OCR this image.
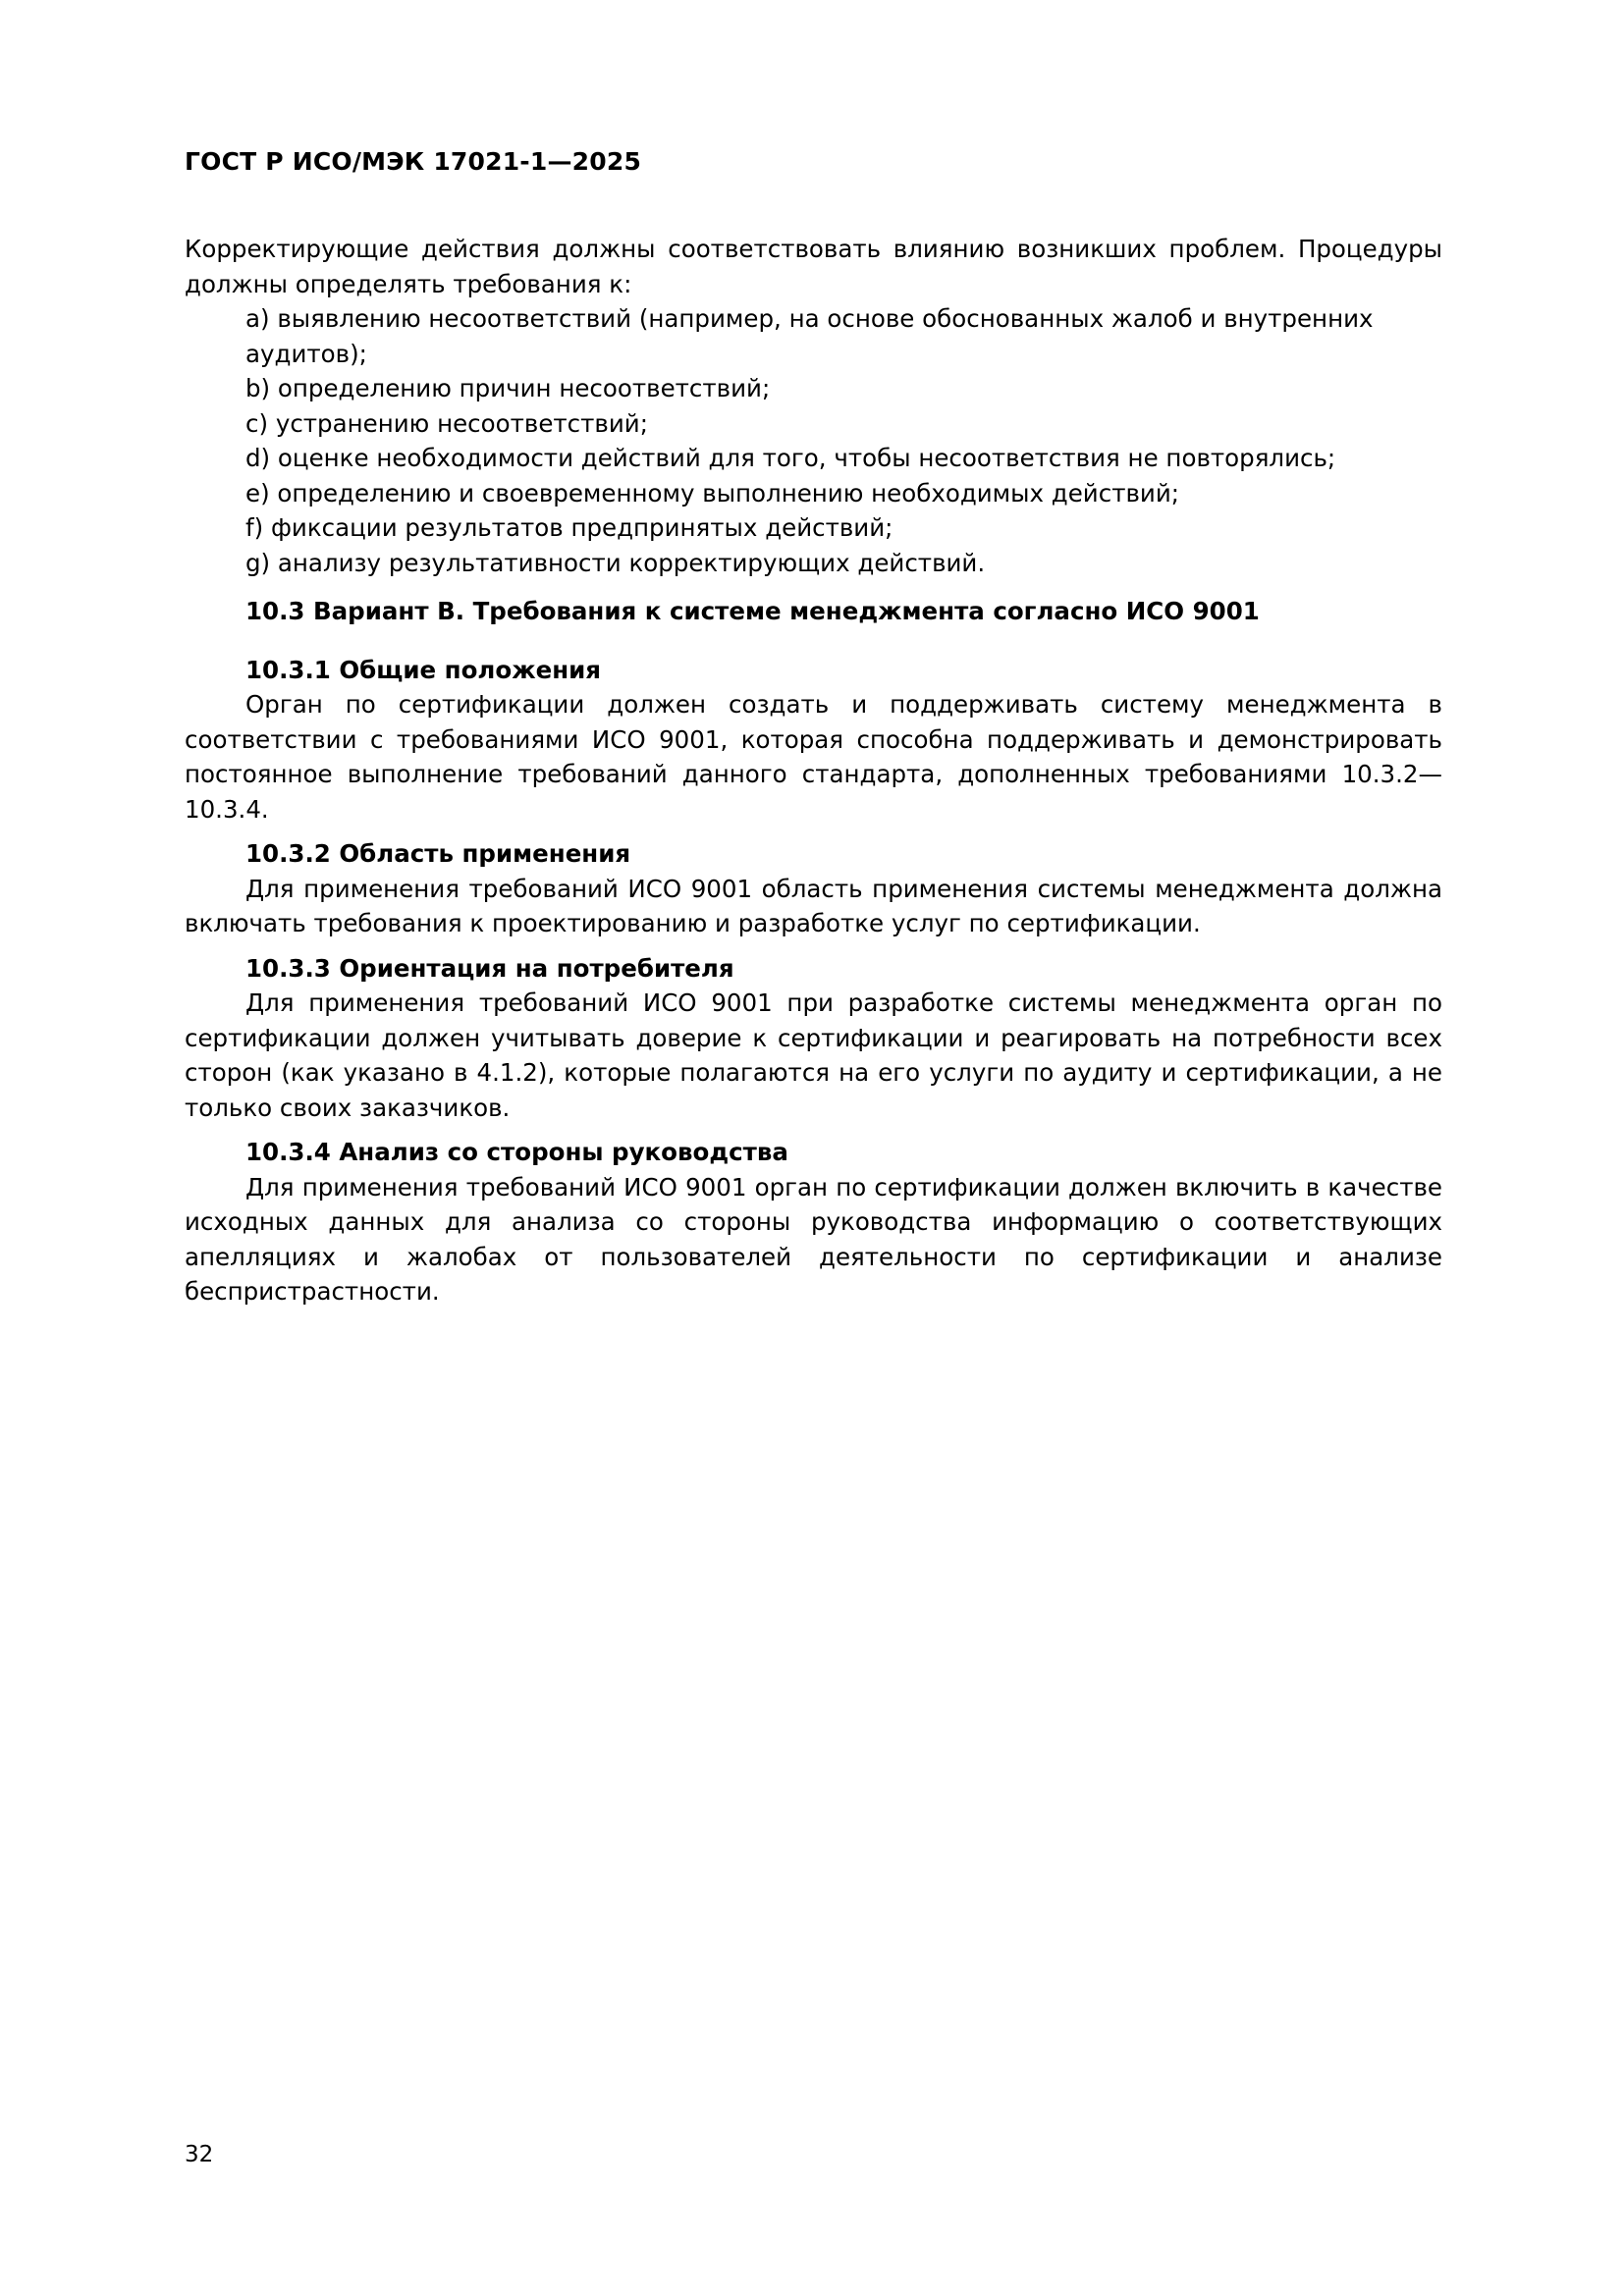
ГОСТ Р ИСО/МЭК 17021-1—2025

Корректирующие действия должны соответствовать влиянию возникших проблем. Процедуры должны определять требования к:

a) выявлению несоответствий (например, на основе обоснованных жалоб и внутренних аудитов);
b) определению причин несоответствий;
c) устранению несоответствий;
d) оценке необходимости действий для того, чтобы несоответствия не повторялись;
e) определению и своевременному выполнению необходимых действий;
f) фиксации результатов предпринятых действий;
g) анализу результативности корректирующих действий.

10.3 Вариант B. Требования к системе менеджмента согласно ИСО 9001

10.3.1 Общие положения

Орган по сертификации должен создать и поддерживать систему менеджмента в соответствии с требованиями ИСО 9001, которая способна поддерживать и демонстрировать постоянное выполнение требований данного стандарта, дополненных требованиями 10.3.2—10.3.4.

10.3.2 Область применения

Для применения требований ИСО 9001 область применения системы менеджмента должна включать требования к проектированию и разработке услуг по сертификации.

10.3.3 Ориентация на потребителя

Для применения требований ИСО 9001 при разработке системы менеджмента орган по сертификации должен учитывать доверие к сертификации и реагировать на потребности всех сторон (как указано в 4.1.2), которые полагаются на его услуги по аудиту и сертификации, а не только своих заказчиков.

10.3.4 Анализ со стороны руководства

Для применения требований ИСО 9001 орган по сертификации должен включить в качестве исходных данных для анализа со стороны руководства информацию о соответствующих апелляциях и жалобах от пользователей деятельности по сертификации и анализе беспристрастности.

32
